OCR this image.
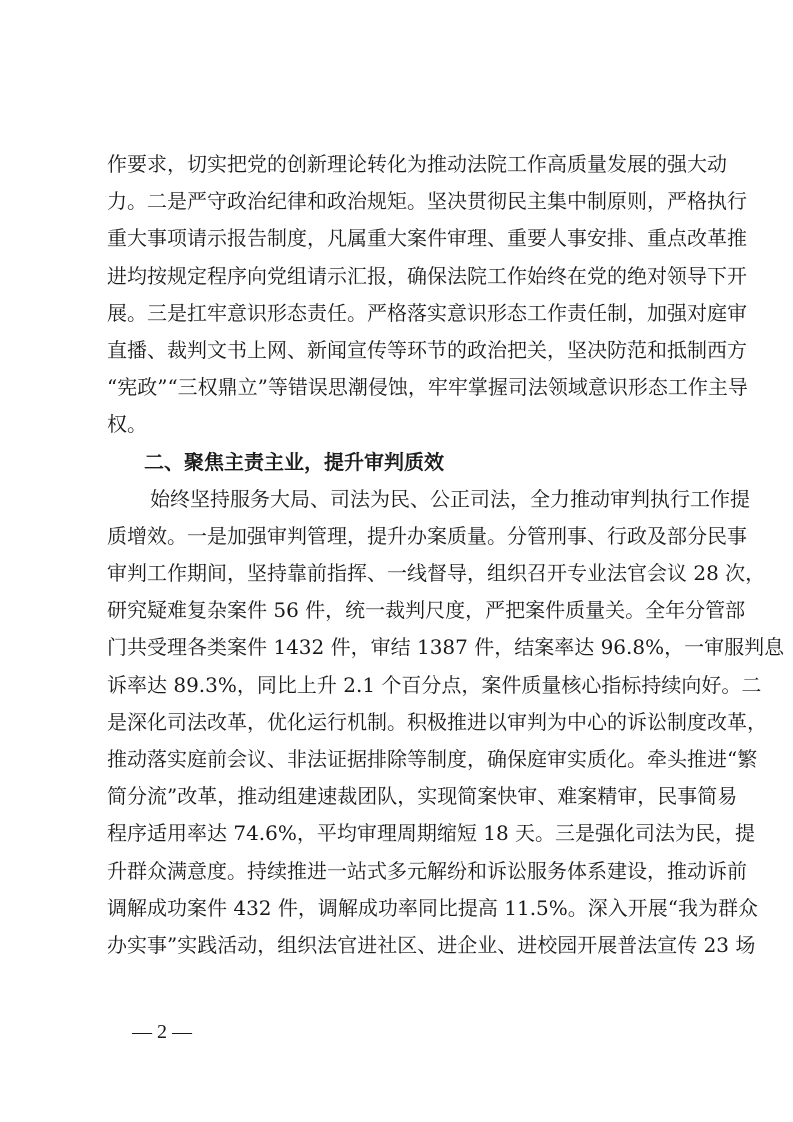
作要求，切实把党的创新理论转化为推动法院工作高质量发展的强大动
力。二是严守政治纪律和政治规矩。坚决贯彻民主集中制原则，严格执行
重大事项请示报告制度，凡属重大案件审理、重要人事安排、重点改革推
进均按规定程序向党组请示汇报，确保法院工作始终在党的绝对领导下开
展。三是扛牢意识形态责任。严格落实意识形态工作责任制，加强对庭审
直播、裁判文书上网、新闻宣传等环节的政治把关，坚决防范和抵制西方
“宪政”“三权鼎立”等错误思潮侵蚀，牢牢掌握司法领域意识形态工作主导
权。
二、聚焦主责主业，提升审判质效
始终坚持服务大局、司法为民、公正司法，全力推动审判执行工作提
质增效。一是加强审判管理，提升办案质量。分管刑事、行政及部分民事
审判工作期间，坚持靠前指挥、一线督导，组织召开专业法官会议 28 次，
研究疑难复杂案件 56 件，统一裁判尺度，严把案件质量关。全年分管部
门共受理各类案件 1432 件，审结 1387 件，结案率达 96.8%，一审服判息
诉率达 89.3%，同比上升 2.1 个百分点，案件质量核心指标持续向好。二
是深化司法改革，优化运行机制。积极推进以审判为中心的诉讼制度改革，
推动落实庭前会议、非法证据排除等制度，确保庭审实质化。牵头推进“繁
简分流”改革，推动组建速裁团队，实现简案快审、难案精审，民事简易
程序适用率达 74.6%，平均审理周期缩短 18 天。三是强化司法为民，提
升群众满意度。持续推进一站式多元解纷和诉讼服务体系建设，推动诉前
调解成功案件 432 件，调解成功率同比提高 11.5%。深入开展“我为群众
办实事”实践活动，组织法官进社区、进企业、进校园开展普法宣传 23 场
— 2 —
